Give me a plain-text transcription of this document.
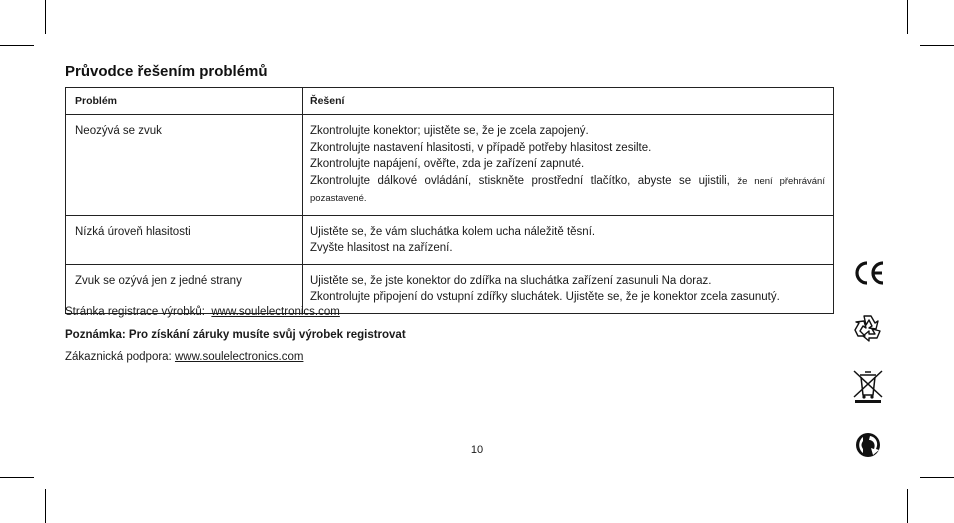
Průvodce řešením problémů
Problém	Řešení
Neozývá se zvuk	Zkontrolujte konektor; ujistěte se, že je zcela zapojený.
Zkontrolujte nastavení hlasitosti, v případě potřeby hlasitost zesilte.
Zkontrolujte napájení, ověřte, zda je zařízení zapnuté.
Zkontrolujte dálkové ovládání, stiskněte prostřední tlačítko, abyste se ujistili, že není přehrávání pozastavené.
Nízká úroveň hlasitosti	Ujistěte se, že vám sluchátka kolem ucha náležitě těsní.
Zvyšte hlasitost na zařízení.

Zvuk se ozývá jen z jedné strany	Ujistěte se, že jste konektor do zdířka na sluchátka zařízení zasunuli Na doraz.
Zkontrolujte připojení do vstupní zdířky sluchátek. Ujistěte se, že je konektor zcela zasunutý.
Stránka registrace výrobků: www.soulelectronics.com
Poznámka: Pro získání záruky musíte svůj výrobek registrovat
Zákaznická podpora: www.soulelectronics.com
10
